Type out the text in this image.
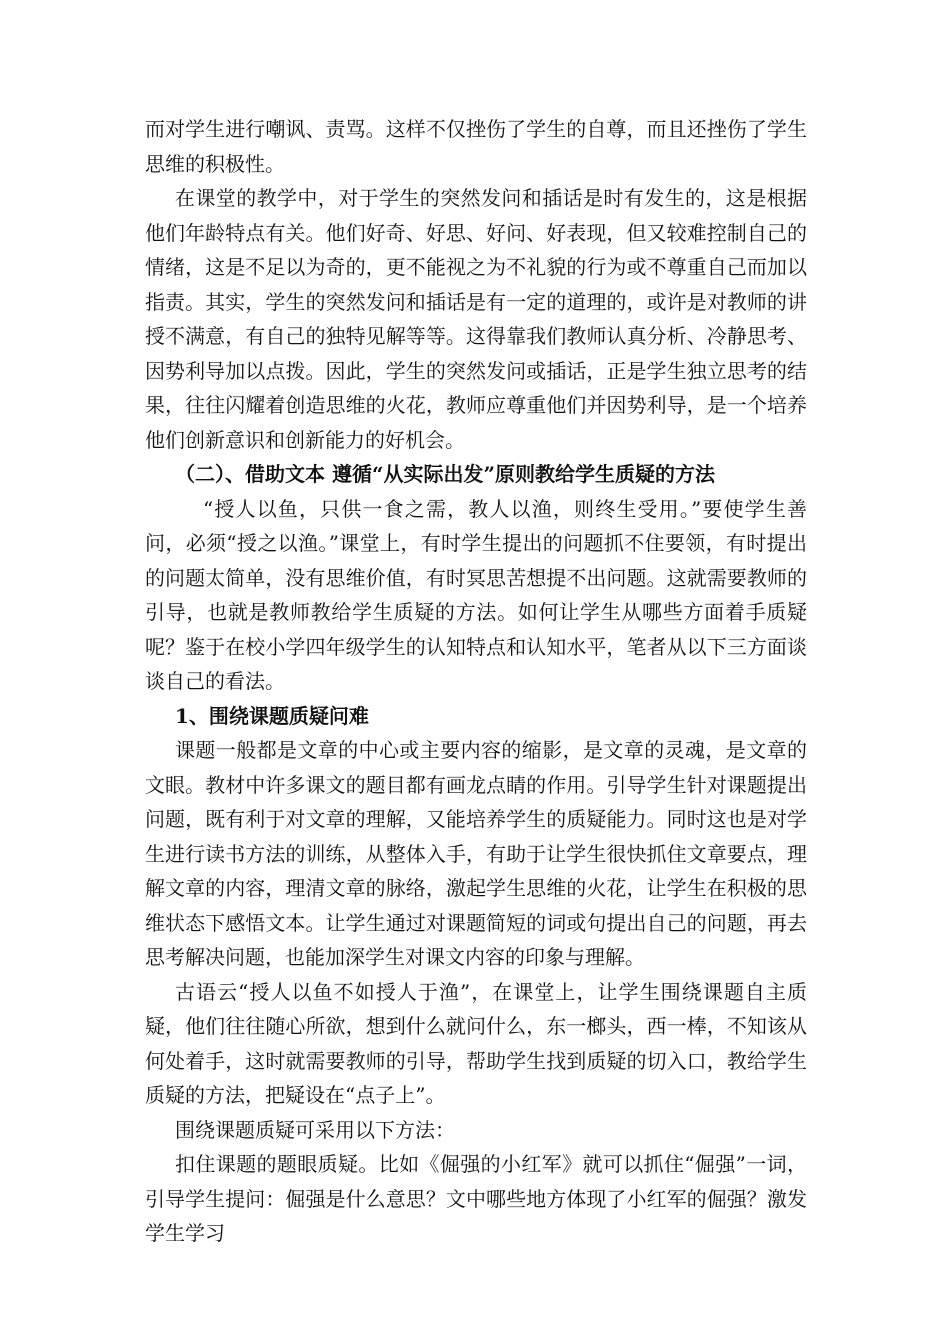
而对学生进行嘲讽、责骂。这样不仅挫伤了学生的自尊，而且还挫伤了学生思维的积极性。

在课堂的教学中，对于学生的突然发问和插话是时有发生的，这是根据他们年龄特点有关。他们好奇、好思、好问、好表现，但又较难控制自己的情绪，这是不足以为奇的，更不能视之为不礼貌的行为或不尊重自己而加以指责。其实，学生的突然发问和插话是有一定的道理的，或许是对教师的讲授不满意，有自己的独特见解等等。这得靠我们教师认真分析、冷静思考、因势利导加以点拨。因此，学生的突然发问或插话，正是学生独立思考的结果，往往闪耀着创造思维的火花，教师应尊重他们并因势利导，是一个培养他们创新意识和创新能力的好机会。

（二）、借助文本 遵循“从实际出发”原则教给学生质疑的方法

“授人以鱼，只供一食之需，教人以渔，则终生受用。”要使学生善问，必须“授之以渔。”课堂上，有时学生提出的问题抓不住要领，有时提出的问题太简单，没有思维价值，有时冥思苦想提不出问题。这就需要教师的引导，也就是教师教给学生质疑的方法。如何让学生从哪些方面着手质疑呢？鉴于在校小学四年级学生的认知特点和认知水平，笔者从以下三方面谈谈自己的看法。

1、围绕课题质疑问难

课题一般都是文章的中心或主要内容的缩影，是文章的灵魂，是文章的文眼。教材中许多课文的题目都有画龙点睛的作用。引导学生针对课题提出问题，既有利于对文章的理解，又能培养学生的质疑能力。同时这也是对学生进行读书方法的训练，从整体入手，有助于让学生很快抓住文章要点，理解文章的内容，理清文章的脉络，激起学生思维的火花，让学生在积极的思维状态下感悟文本。让学生通过对课题简短的词或句提出自己的问题，再去思考解决问题，也能加深学生对课文内容的印象与理解。

古语云“授人以鱼不如授人于渔”，在课堂上，让学生围绕课题自主质疑，他们往往随心所欲，想到什么就问什么，东一榔头，西一棒，不知该从何处着手，这时就需要教师的引导，帮助学生找到质疑的切入口，教给学生质疑的方法，把疑设在“点子上”。

围绕课题质疑可采用以下方法：

扣住课题的题眼质疑。比如《倔强的小红军》就可以抓住“倔强”一词，引导学生提问：倔强是什么意思？文中哪些地方体现了小红军的倔强？激发学生学习
